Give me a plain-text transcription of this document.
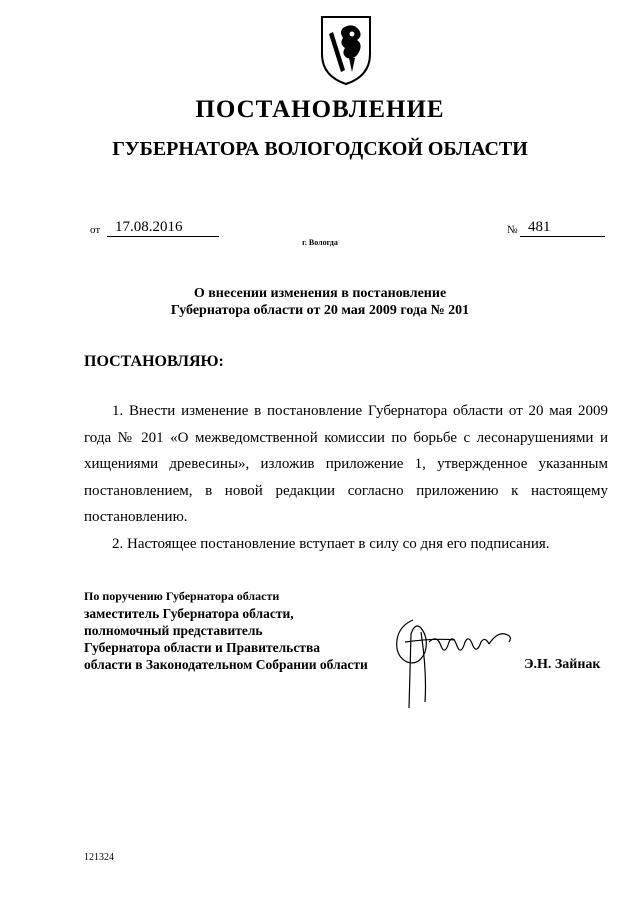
ПОСТАНОВЛЕНИЕ
ГУБЕРНАТОРА ВОЛОГОДСКОЙ ОБЛАСТИ
от 17.08.2016	№ 481
г. Вологда
О внесении изменения в постановление
Губернатора области от 20 мая 2009 года № 201
ПОСТАНОВЛЯЮ:

1. Внести изменение в постановление Губернатора области от 20 мая 2009 года № 201 «О межведомственной комиссии по борьбе с лесонарушениями и хищениями древесины», изложив приложение 1, утвержденное указанным постановлением, в новой редакции согласно приложению к настоящему постановлению.

2. Настоящее постановление вступает в силу со дня его подписания.

По поручению Губернатора области
заместитель Губернатора области,
полномочный представитель
Губернатора области и Правительства
области в Законодательном Собрании области	Э.Н. Зайнак
121324
